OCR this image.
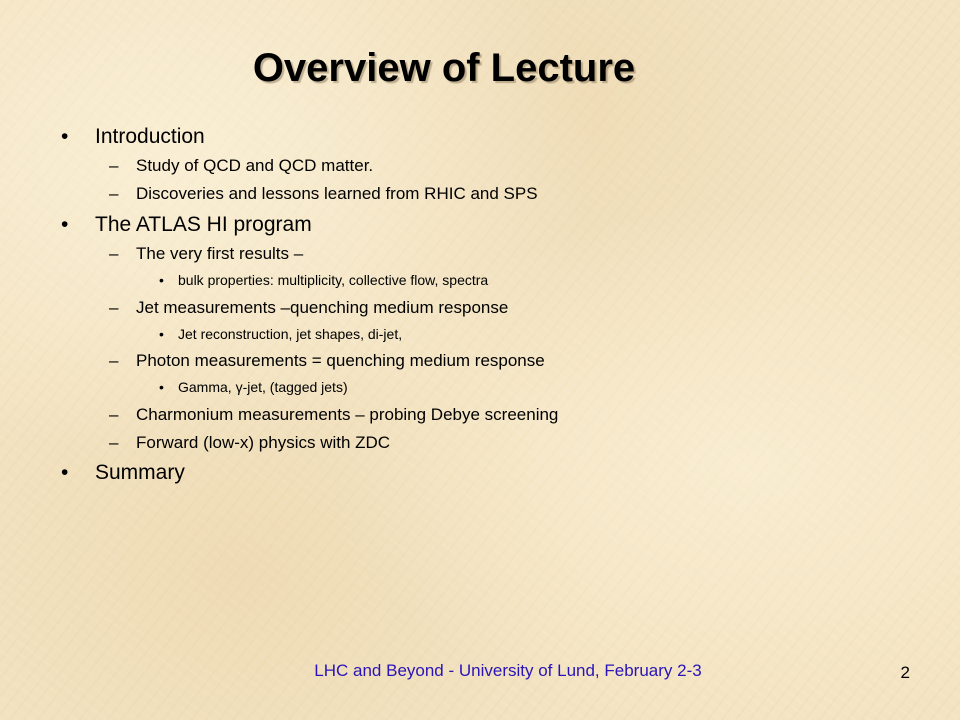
Overview of Lecture
• Introduction
– Study of QCD and QCD matter.
– Discoveries and lessons learned from RHIC and SPS
• The ATLAS HI program
– The very first results –
• bulk properties: multiplicity, collective flow, spectra
– Jet measurements –quenching medium response
• Jet reconstruction, jet shapes, di-jet,
– Photon measurements = quenching medium response
• Gamma, γ-jet, (tagged jets)
– Charmonium measurements – probing Debye screening
– Forward (low-x) physics with ZDC
• Summary
LHC and Beyond - University of Lund, February 2-3	2
